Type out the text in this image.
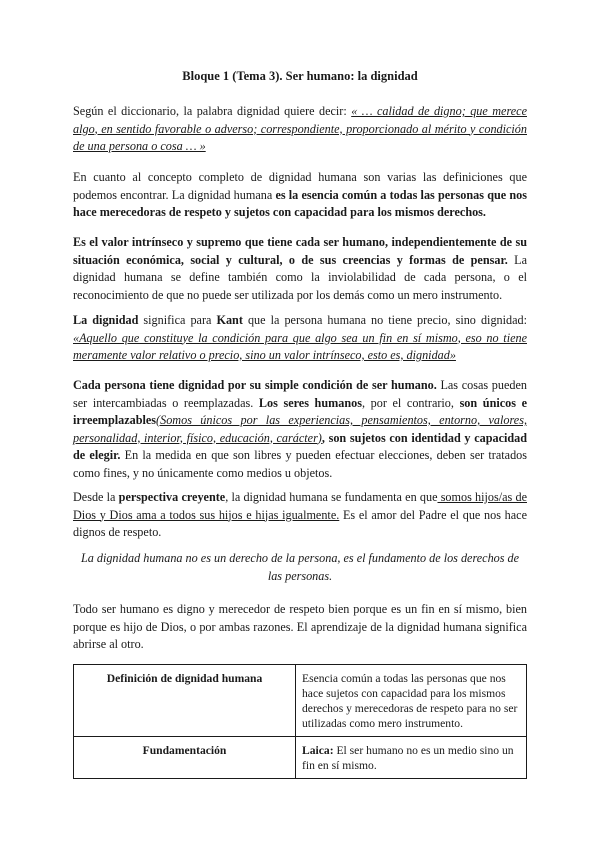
Bloque 1 (Tema 3). Ser humano: la dignidad

Según el diccionario, la palabra dignidad quiere decir: « … calidad de digno; que merece algo, en sentido favorable o adverso; correspondiente, proporcionado al mérito y condición de una persona o cosa … »

En cuanto al concepto completo de dignidad humana son varias las definiciones que podemos encontrar. La dignidad humana es la esencia común a todas las personas que nos hace merecedoras de respeto y sujetos con capacidad para los mismos derechos.

Es el valor intrínseco y supremo que tiene cada ser humano, independientemente de su situación económica, social y cultural, o de sus creencias y formas de pensar. La dignidad humana se define también como la inviolabilidad de cada persona, o el reconocimiento de que no puede ser utilizada por los demás como un mero instrumento.

La dignidad significa para Kant que la persona humana no tiene precio, sino dignidad: «Aquello que constituye la condición para que algo sea un fin en sí mismo, eso no tiene meramente valor relativo o precio, sino un valor intrínseco, esto es, dignidad»

Cada persona tiene dignidad por su simple condición de ser humano. Las cosas pueden ser intercambiadas o reemplazadas. Los seres humanos, por el contrario, son únicos e irreemplazables(Somos únicos por las experiencias, pensamientos, entorno, valores, personalidad, interior, físico, educación, carácter), son sujetos con identidad y capacidad de elegir. En la medida en que son libres y pueden efectuar elecciones, deben ser tratados como fines, y no únicamente como medios u objetos.

Desde la perspectiva creyente, la dignidad humana se fundamenta en que somos hijos/as de Dios y Dios ama a todos sus hijos e hijas igualmente. Es el amor del Padre el que nos hace dignos de respeto.

La dignidad humana no es un derecho de la persona, es el fundamento de los derechos de las personas.

Todo ser humano es digno y merecedor de respeto bien porque es un fin en sí mismo, bien porque es hijo de Dios, o por ambas razones. El aprendizaje de la dignidad humana significa abrirse al otro.

Definición de dignidad humana	Esencia común a todas las personas que nos hace sujetos con capacidad para los mismos derechos y merecedoras de respeto para no ser utilizadas como mero instrumento.
Fundamentación	Laica: El ser humano no es un medio sino un fin en sí mismo.
